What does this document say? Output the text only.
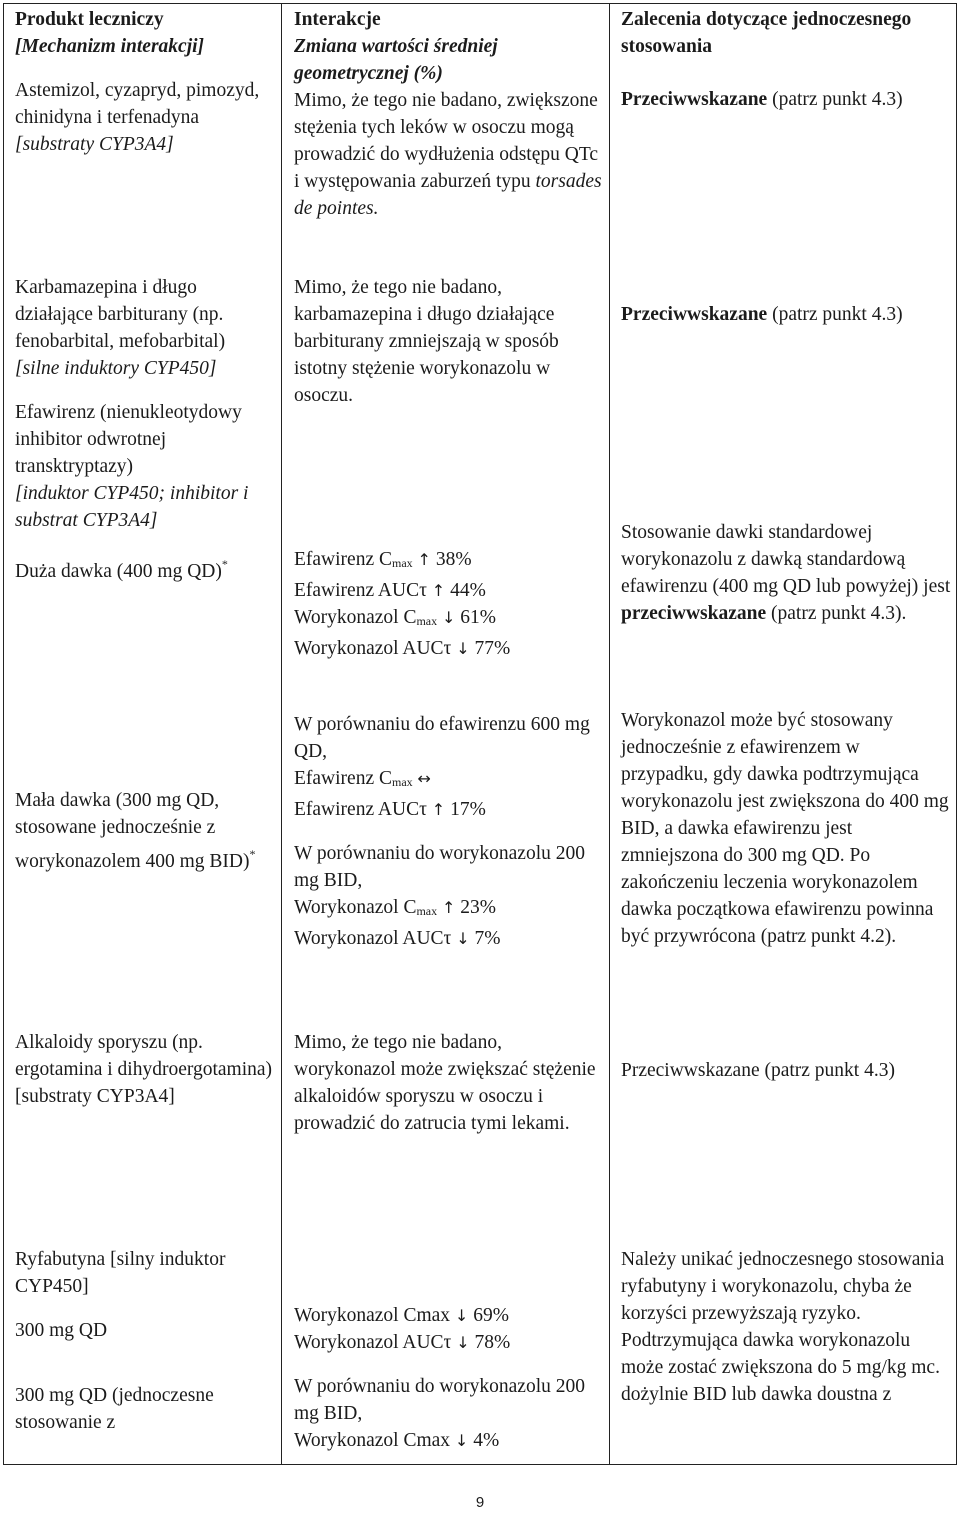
Produkt leczniczy

[Mechanizm interakcji]

Astemizol, cyzapryd, pimozyd, chinidyna i terfenadyna

[substraty CYP3A4]

Interakcje

Zmiana wartości średniej geometrycznej (%)

Mimo, że tego nie badano, zwiększone stężenia tych leków w osoczu mogą prowadzić do wydłużenia odstępu QTc i występowania zaburzeń typu torsades de pointes.

Zalecenia dotyczące jednoczesnego stosowania

Przeciwwskazane (patrz punkt 4.3)

Karbamazepina i długo działające barbiturany (np. fenobarbital, mefobarbital)

[silne induktory CYP450]

Efawirenz (nienukleotydowy inhibitor odwrotnej transktryptazy)

[induktor CYP450; inhibitor i substrat CYP3A4]

Duża dawka (400 mg QD)*

Mimo, że tego nie badano, karbamazepina i długo działające barbiturany zmniejszają w sposób istotny stężenie worykonazolu w osoczu.

Efawirenz Cmax ↑ 38%

Efawirenz AUCτ ↑ 44%

Worykonazol Cmax ↓ 61%

Worykonazol AUCτ ↓ 77%

Przeciwwskazane (patrz punkt 4.3)

Stosowanie dawki standardowej worykonazolu z dawką standardową efawirenzu (400 mg QD lub powyżej) jest przeciwwskazane (patrz punkt 4.3).

Mała dawka (300 mg QD, stosowane jednocześnie z worykonazolem 400 mg BID)*

W porównaniu do efawirenzu 600 mg QD,

Efawirenz Cmax ↔

Efawirenz AUCτ ↑ 17%

W porównaniu do worykonazolu 200 mg BID,

Worykonazol Cmax ↑ 23%

Worykonazol AUCτ ↓ 7%

Worykonazol może być stosowany jednocześnie z efawirenzem w przypadku, gdy dawka podtrzymująca worykonazolu jest zwiększona do 400 mg BID, a dawka efawirenzu jest zmniejszona do 300 mg QD. Po zakończeniu leczenia worykonazolem dawka początkowa efawirenzu powinna być przywrócona (patrz punkt 4.2).

Alkaloidy sporyszu (np. ergotamina i dihydroergotamina) [substraty CYP3A4]

Mimo, że tego nie badano, worykonazol może zwiększać stężenie alkaloidów sporyszu w osoczu i prowadzić do zatrucia tymi lekami.

Przeciwwskazane (patrz punkt 4.3)

Ryfabutyna [silny induktor CYP450]

300 mg QD

300 mg QD (jednoczesne stosowanie z

Worykonazol Cmax ↓ 69%

Worykonazol AUCτ ↓ 78%

W porównaniu do worykonazolu 200 mg BID,

Worykonazol Cmax ↓ 4%

Należy unikać jednoczesnego stosowania ryfabutyny i worykonazolu, chyba że korzyści przewyższają ryzyko. Podtrzymująca dawka worykonazolu może zostać zwiększona do 5 mg/kg mc. dożylnie BID lub dawka doustna z

9
